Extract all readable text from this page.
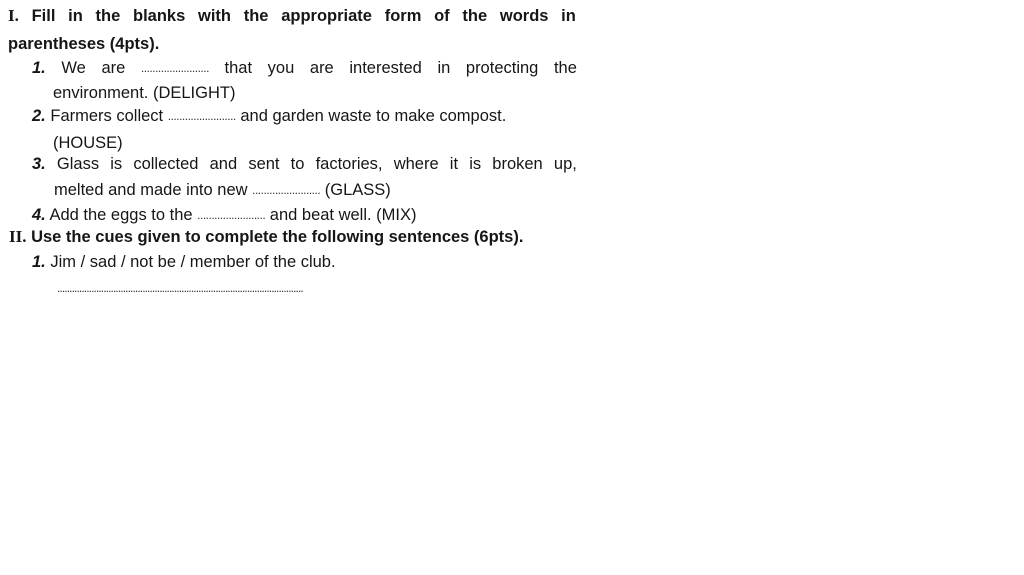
I. Fill in the blanks with the appropriate form of the words in
parentheses (4pts).
1. We are ........................ that you are interested in protecting the
environment. (DELIGHT)
2. Farmers collect ........................ and garden waste to make compost.
(HOUSE)
3. Glass is collected and sent to factories, where it is broken up,
melted and made into new ........................ (GLASS)
4. Add the eggs to the ........................ and beat well. (MIX)
II. Use the cues given to complete the following sentences (6pts).
1. Jim / sad / not be / member of the club.
.....................................................................................................
